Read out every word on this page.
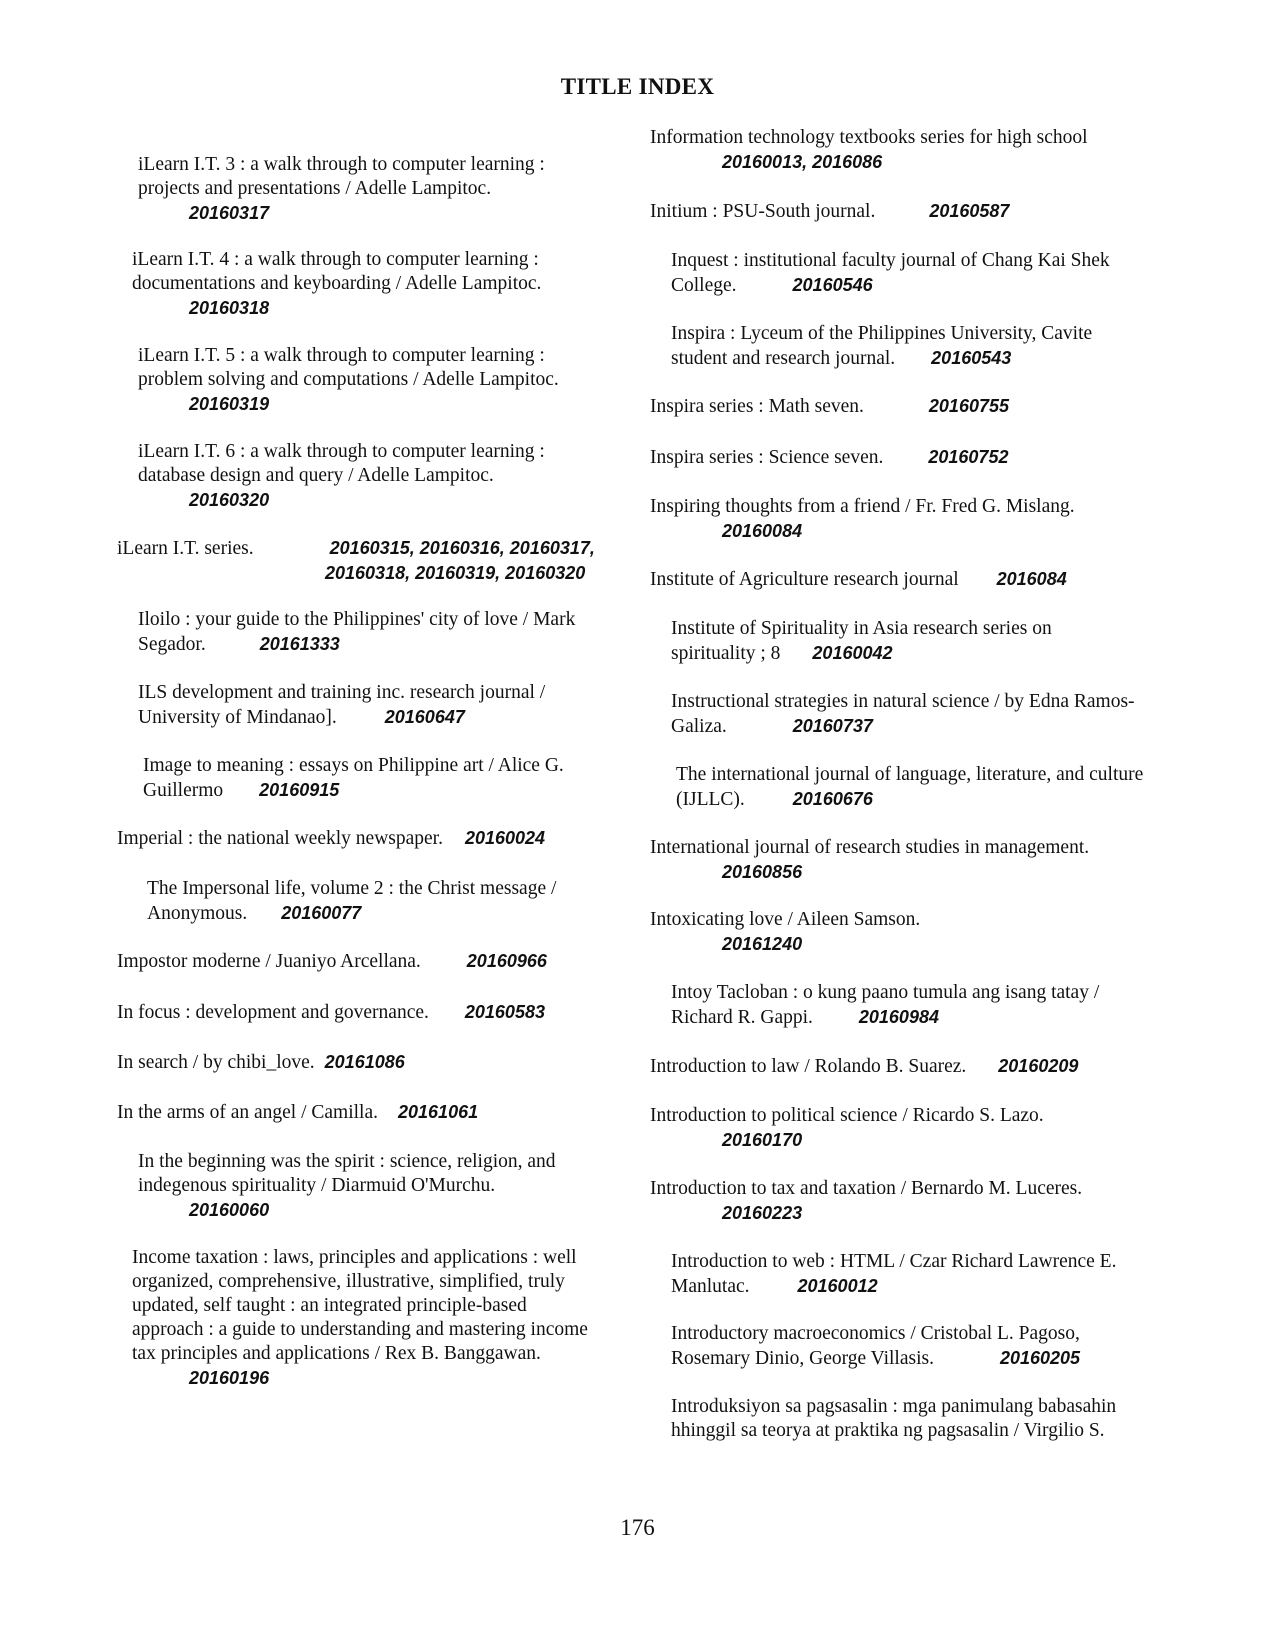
TITLE INDEX
iLearn I.T. 3 : a walk through to computer learning :
projects and presentations / Adelle Lampitoc.
20160317
iLearn I.T. 4 : a walk through to computer learning :
documentations and keyboarding / Adelle Lampitoc.
20160318
iLearn I.T. 5 : a walk through to computer learning :
problem solving and computations / Adelle Lampitoc.
20160319
iLearn I.T. 6 : a walk through to computer learning :
database design and query / Adelle Lampitoc.
20160320
iLearn I.T. series.	20160315, 20160316, 20160317,
20160318, 20160319, 20160320
Iloilo : your guide to the Philippines' city of love / Mark
Segador.	20161333
ILS development and training inc. research journal /
University of Mindanao].	20160647
Image to meaning : essays on Philippine art / Alice G.
Guillermo 20160915
Imperial : the national weekly newspaper. 20160024
The Impersonal life, volume 2 : the Christ message /
Anonymous. 20160077
Impostor moderne / Juaniyo Arcellana.	20160966
In focus : development and governance. 20160583
In search / by chibi_love. 20161086
In the arms of an angel / Camilla. 20161061
In the beginning was the spirit : science, religion, and
indegenous spirituality / Diarmuid O'Murchu.
20160060
Income taxation : laws, principles and applications : well
organized, comprehensive, illustrative, simplified, truly
updated, self taught : an integrated principle-based
approach : a guide to understanding and mastering income
tax principles and applications / Rex B. Banggawan.
20160196
Information technology textbooks series for high school
20160013, 2016086
Initium : PSU-South journal.	20160587
Inquest : institutional faculty journal of Chang Kai Shek
College.	20160546
Inspira : Lyceum of the Philippines University, Cavite
student and research journal. 20160543
Inspira series : Math seven.	20160755
Inspira series : Science seven.	20160752
Inspiring thoughts from a friend / Fr. Fred G. Mislang.
20160084
Institute of Agriculture research journal 2016084
Institute of Spirituality in Asia research series on
spirituality ; 8 20160042
Instructional strategies in natural science / by Edna Ramos-
Galiza.	20160737
The international journal of language, literature, and culture
(IJLLC).	20160676
International journal of research studies in management.
20160856
Intoxicating love / Aileen Samson.
20161240
Intoy Tacloban : o kung paano tumula ang isang tatay /
Richard R. Gappi.	20160984
Introduction to law / Rolando B. Suarez. 20160209
Introduction to political science / Ricardo S. Lazo.
20160170
Introduction to tax and taxation / Bernardo M. Luceres.
20160223
Introduction to web : HTML / Czar Richard Lawrence E.
Manlutac.	20160012
Introductory macroeconomics / Cristobal L. Pagoso,
Rosemary Dinio, George Villasis.	20160205
Introduksiyon sa pagsasalin : mga panimulang babasahin
hhinggil sa teorya at praktika ng pagsasalin / Virgilio S.
176
